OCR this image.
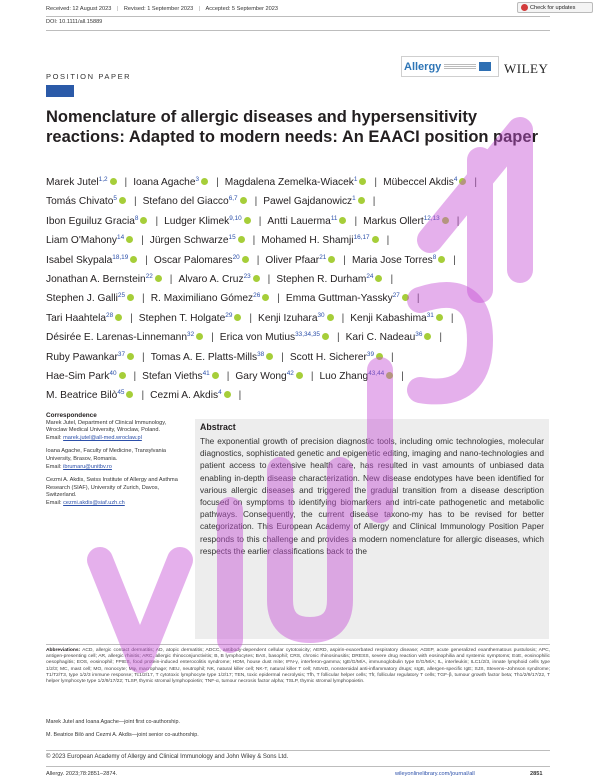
Received: 12 August 2023 | Revised: 1 September 2023 | Accepted: 5 September 2023
DOI: 10.1111/all.15889
Check for updates
Allergy	WILEY
POSITION PAPER
Nomenclature of allergic diseases and hypersensitivity reactions: Adapted to modern needs: An EAACI position paper
Marek Jutel$^{1,2}$ | Ioana Agache$^3$ | Magdalena Zemelka-Wiacek$^1$ | Mübeccel Akdis$^4$ |
Tomás Chivato$^5$ | Stefano del Giacco$^{6,7}$ | Pawel Gajdanowicz$^1$ |
Ibon Eguiluz Gracia$^8$ | Ludger Klimek$^{9,10}$ | Antti Lauerma$^{11}$ | Markus Ollert$^{12,13}$ |
Liam O'Mahony$^{14}$ | Jürgen Schwarze$^{15}$ | Mohamed H. Shamji$^{16,17}$ |
Isabel Skypala$^{18,19}$ | Oscar Palomares$^{20}$ | Oliver Pfaar$^{21}$ | Maria Jose Torres$^8$ |
Jonathan A. Bernstein$^{22}$ | Alvaro A. Cruz$^{23}$ | Stephen R. Durham$^{24}$ |
Stephen J. Galli$^{25}$ | R. Maximiliano Gómez$^{26}$ | Emma Guttman-Yassky$^{27}$ |
Tari Haahtela$^{28}$ | Stephen T. Holgate$^{29}$ | Kenji Izuhara$^{30}$ | Kenji Kabashima$^{31}$ |
Désirée E. Larenas-Linnemann$^{32}$ | Erica von Mutius$^{33,34,35}$ | Kari C. Nadeau$^{36}$ |
Ruby Pawankar$^{37}$ | Tomas A. E. Platts-Mills$^{38}$ | Scott H. Sicherer$^{39}$ |
Hae-Sim Park$^{40}$ | Stefan Vieths$^{41}$ | Gary Wong$^{42}$ | Luo Zhang$^{43,44}$ |
M. Beatrice Bilò$^{45}$ | Cezmi A. Akdis$^4$ |
Correspondence

Marek Jutel, Department of Clinical Immunology, Wroclaw Medical University, Wroclaw, Poland.
Email: marek.jutel@all-med.wroclaw.pl

Ioana Agache, Faculty of Medicine, Transylvania University, Brasov, Romania.
Email: ibrumaru@unitbv.ro

Cezmi A. Akdis, Swiss Institute of Allergy and Asthma Research (SIAF), University of Zurich, Davos, Switzerland.
Email: cezmi.akdis@siaf.uzh.ch

Abstract
The exponential growth of precision diagnostic tools, including omic technologies, molecular diagnostics, sophisticated genetic and epigenetic editing, imaging and nano-technologies and patient access to extensive health care, has resulted in vast amounts of unbiased data enabling in-depth disease characterization. New disease endotypes have been identified for various allergic diseases and triggered the gradual transition from a disease description focused on symptoms to identifying biomarkers and intri-cate pathogenetic and metabolic pathways. Consequently, the current disease taxono-my has to be revised for better categorization. This European Academy of Allergy and Clinical Immunology Position Paper responds to this challenge and provides a modern nomenclature for allergic diseases, which respects the earlier classifications back to the
Abbreviations: ACD, allergic contact dermatitis; AD, atopic dermatitis; ADCC, antibody-dependent cellular cytotoxicity; AERD, aspirin-exacerbated respiratory disease; AGEP, acute generalized exanthematous pustulosis; APC, antigen-presenting cell; AR, allergic rhinitis; ARC, allergic rhinoconjunctivitis; B, B lymphocytes; BAS, basophil; CRS, chronic rhinosinusitis; DRESS, severe drug reaction with eosinophilia and systemic symptoms; EoE, eosinophilic oesophagitis; EOS, eosinophil; FPIES, food protein-induced enterocolitis syndrome; HDM, house dust mite; IFN-γ, interferon-gamma; IgE/G/M/A, immunoglobulin type E/G/M/A; IL, interleukin; ILC1/2/3, innate lymphoid cells type 1/2/3; MC, mast cell; MO, monocyte; Mφ, macrophage; NEU, neutrophil; NK, natural killer cell; NK-T, natural killer T cell; NSAID, nonsteroidal anti-inflammatory drugs; sIgE, allergen-specific IgE; SJS, Stevens–Johnson syndrome; T1/T2/T3, type 1/2/3 immune response; Tc1/2/17, T cytotoxic lymphocyte type 1/2/17; TEN, toxic epidermal necrolysis; Tfh, T follicular helper cells; Tfr, follicular regulatory T cells; TGF-β, tumour growth factor beta; Th1/2/9/17/22, T helper lymphocyte type 1/2/9/17/22; TLSP, thymic stromal lymphopoietin; TNF-α, tumour necrosis factor alpha; TSLP, thymic stromal lymphopoietin.
Marek Jutel and Ioana Agache—joint first co-authorship.
M. Beatrice Bilò and Cezmi A. Akdis—joint senior co-authorship.
© 2023 European Academy of Allergy and Clinical Immunology and John Wiley & Sons Ltd.
Allergy. 2023;78:2851–2874.	wileyonlinelibrary.com/journal/all	2851
